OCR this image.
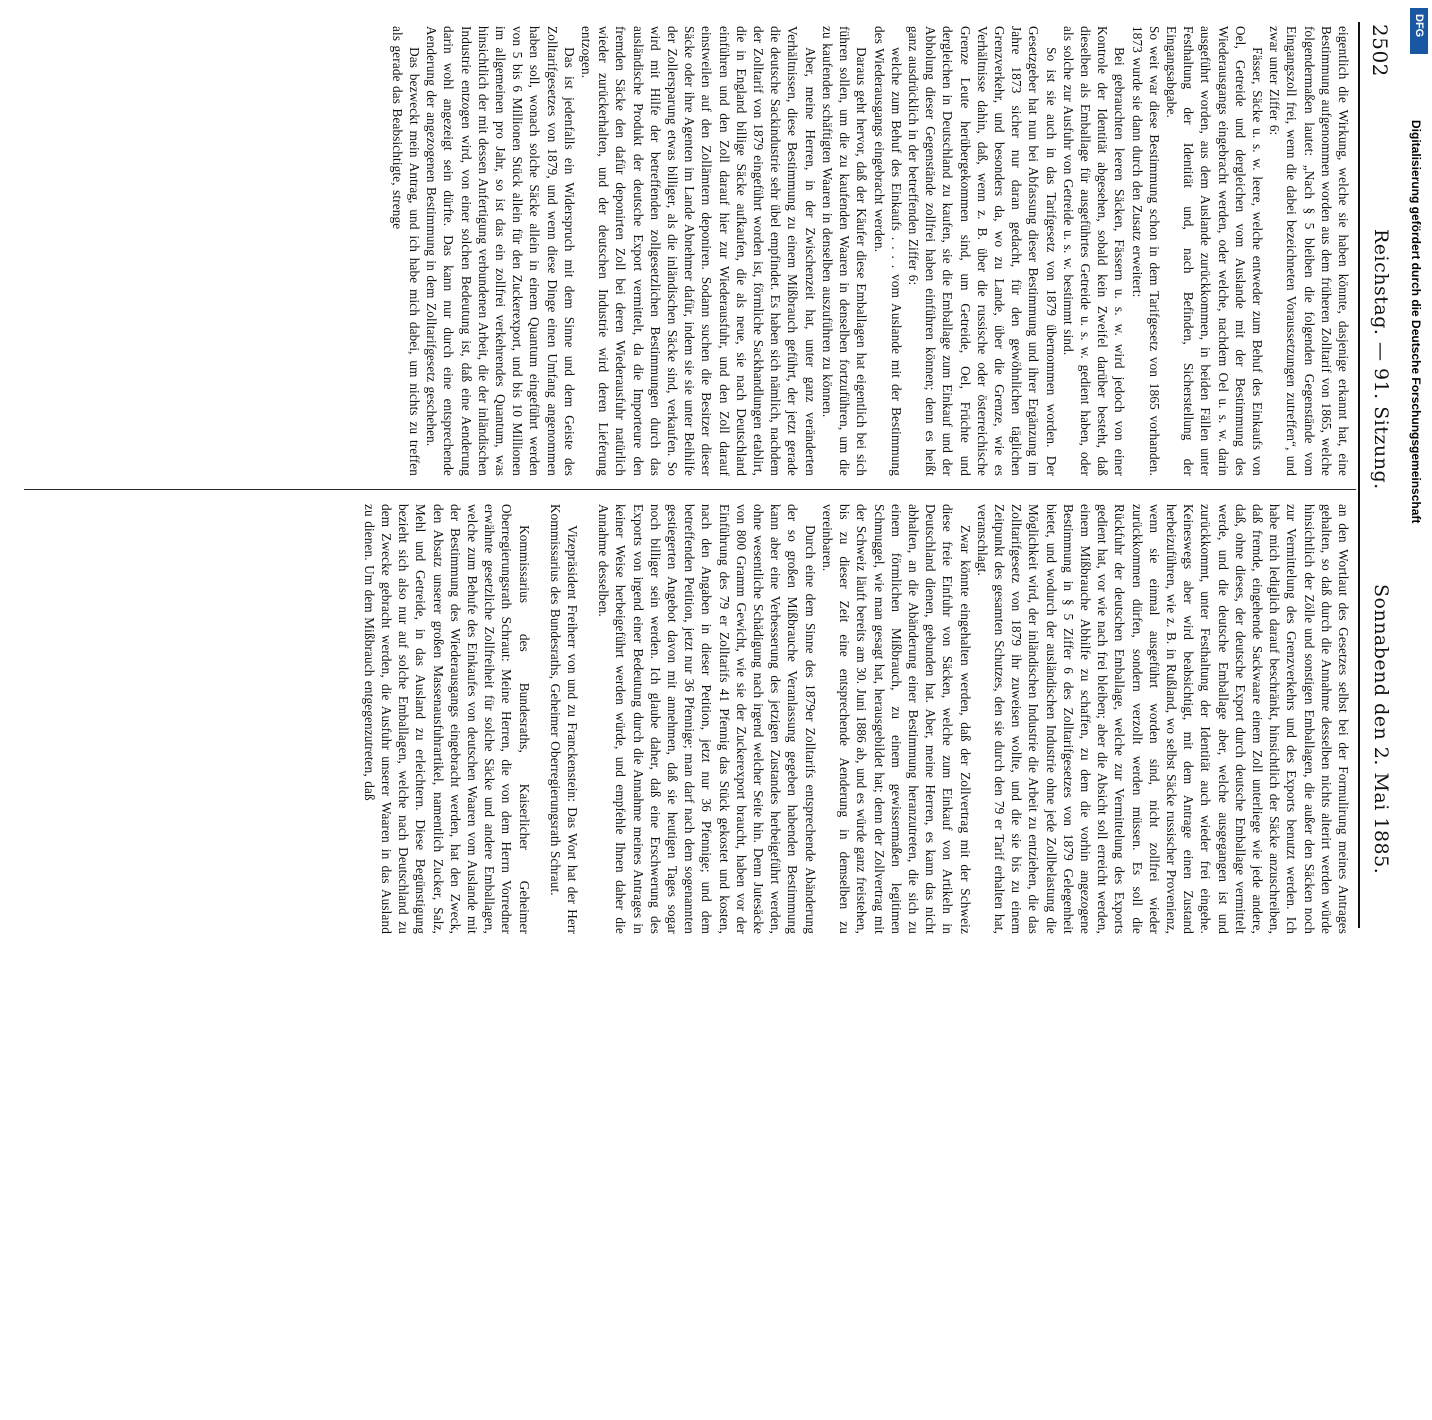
2502
Reichstag. — 91. Sitzung.
Sonnabend den 2. Mai 1885.

eigentlich die Wirkung, welche sie haben könnte, dasjenige erkannt hat, eine Bestimmung aufgenommen worden aus dem früheren Zolltarif von 1865, welche folgendermaßen lautet: „Nach § 5 bleiben die folgenden Gegenstände vom Eingangszoll frei, wenn die dabei bezeichneten Voraussetzungen zutreffen“, und zwar unter Ziffer 6:

Fässer, Säcke u. s. w. leere, welche entweder zum Behuf des Einkaufs von Oel, Getreide und dergleichen vom Auslande mit der Bestimmung des Wiederausgangs eingebracht werden, oder welche, nachdem Oel u. s. w. darin ausgeführt worden, aus dem Auslande zurückkommen, in beiden Fällen unter Festhaltung der Identität und, nach Befinden, Sicherstellung der Eingangsabgabe.

So weit war diese Bestimmung schon in dem Tarifgesetz von 1865 vorhanden. 1873 wurde sie dann durch den Zusatz erweitert:

Bei gebrauchten leeren Säcken, Fässern u. s. w. wird jedoch von einer Kontrole der Identität abgesehen, sobald kein Zweifel darüber besteht, daß dieselben als Emballage für ausgeführtes Getreide u. s. w. gedient haben, oder als solche zur Ausfuhr von Getreide u. s. w. bestimmt sind.

So ist sie auch in das Tarifgesetz von 1879 übernommen worden. Der Gesetzgeber hat nun bei Abfassung dieser Bestimmung und ihrer Ergänzung im Jahre 1873 sicher nur daran gedacht, für den gewöhnlichen täglichen Grenzverkehr, und besonders da, wo zu Lande, über die Grenze, wie es Verhältnisse dahin, daß, wenn z. B. über die russische oder österreichische Grenze Leute herübergekommen sind, um Getreide, Oel, Früchte und dergleichen in Deutschland zu kaufen, sie die Emballage zum Einkauf und der Abholung dieser Gegenstände zollfrei haben einführen können; denn es heißt ganz ausdrücklich in der betreffenden Ziffer 6:

welche zum Behuf des Einkaufs . . . . vom Auslande mit der Bestimmung des Wiederausgangs eingebracht werden.

Daraus geht hervor, daß der Käufer diese Emballagen hat eigentlich bei sich führen sollen, um die zu kaufenden Waaren in denselben fortzuführen, um die zu kaufenden schäftigten Waaren in denselben auszuführen zu können.

Aber, meine Herren, in der Zwischenzeit hat, unter ganz veränderten Verhältnissen, diese Bestimmung zu einem Mißbrauch geführt, der jetzt gerade die deutsche Sackindustrie sehr übel empfindet. Es haben sich nämlich, nachdem der Zolltarif von 1879 eingeführt worden ist, förmliche Sackhandlungen etablirt, die in England billige Säcke aufkaufen, die als neue, sie nach Deutschland einführen und den Zoll darauf hier zur Wiederausfuhr, und den Zoll darauf einstweilen auf den Zollämtern deponiren. Sodann suchen die Besitzer dieser Säcke oder ihre Agenten im Lande Abnehmer dafür, indem sie sie unter Beihilfe der Zollersparung etwas billiger, als die inländischen Säcke sind, verkaufen. So wird mit Hilfe der betreffenden zollgesetzlichen Bestimmungen durch das ausländische Produkt der deutsche Export vermittelt, da die Importeure den fremden Säcke den dafür deponirten Zoll bei deren Wiederausfuhr natürlich wieder zurückerhalten, und der deutschen Industrie wird deren Lieferung entzogen.

Das ist jedenfalls ein Widerspruch mit dem Sinne und dem Geiste des Zolltarifgesetzes von 1879, und wenn diese Dinge einen Umfang angenommen haben soll, wonach solche Säcke allein in einem Quantum eingeführt werden von 5 bis 6 Millionen Stück allein für den Zuckerexport, und bis 10 Millionen im allgemeinen pro Jahr, so ist das ein zollfrei verkehrendes Quantum, was hinsichtlich der mit dessen Anfertigung verbundenen Arbeit, die der inländischen Industrie entzogen wird, von einer solchen Bedeutung ist, daß eine Aenderung darin wohl angezeigt sein dürfte. Das kann nur durch eine entsprechende Aenderung der angezogenen Bestimmung in dem Zolltarifgesetz geschehen.

Das bezweckt mein Antrag, und ich habe mich dabei, um nichts zu treffen als gerade das Beabsichtigte, strenge

an den Wortlaut des Gesetzes selbst bei der Formulirung meines Antrages gehalten, so daß durch die Annahme desselben nichts alterirt werden würde hinsichtlich der Zölle und sonstigen Emballagen, die außer den Säcken noch zur Vermittelung des Grenzverkehrs und des Exports benutzt werden. Ich habe mich lediglich darauf beschränkt, hinsichtlich der Säcke anzuschreiben, daß fremde, eingehende Sackwaare einem Zoll unterliege wie jede andere, daß, ohne dieses, der deutsche Export durch deutsche Emballage vermittelt werde, und die deutsche Emballage aber, welche ausgegangen ist und zurückkommt, unter Festhaltung der Identität auch wieder frei eingehe. Keineswegs aber wird beabsichtigt, mit dem Antrage einen Zustand herbeizuführen, wie z. B. in Rußland, wo selbst Säcke russischer Provenienz, wenn sie einmal ausgeführt worden sind, nicht zollfrei wieder zurückkommen dürfen, sondern verzollt werden müssen. Es soll die Rückfuhr der deutschen Emballage, welche zur Vermittelung des Exports gedient hat, vor wie nach frei bleiben; aber die Absicht soll erreicht werden, einem Mißbrauche Abhilfe zu schaffen, zu dem die vorhin angezogene Bestimmung in § 5 Ziffer 6 des Zolltarifgesetzes von 1879 Gelegenheit bietet, und wodurch der ausländischen Industrie ohne jede Zollbelastung die Möglichkeit wird, der inländischen Industrie die Arbeit zu entziehen, die das Zolltarifgesetz von 1879 ihr zuweisen wollte, und die sie bis zu einem Zeitpunkt des gesamten Schutzes, den sie durch den 79 er Tarif erhalten hat, veranschlagt.

Zwar könnte eingehalten werden, daß der Zollvertrag mit der Schweiz diese freie Einfuhr von Säcken, welche zum Einkauf von Artikeln in Deutschland dienen, gebunden hat. Aber, meine Herren, es kann das nicht abhalten, an die Abänderung einer Bestimmung heranzutreten, die sich zu einem förmlichen Mißbrauch, zu einem gewissermaßen legitimen Schmuggel, wie man gesagt hat, herausgebildet hat; denn der Zollvertrag mit der Schweiz läuft bereits am 30. Juni 1886 ab, und es würde ganz freistehen, bis zu dieser Zeit eine entsprechende Aenderung in demselben zu vereinbaren.

Durch eine dem Sinne des 1879er Zolltarifs entsprechende Abänderung der so großen Mißbrauche Veranlassung gegeben habenden Bestimmung kann aber eine Verbesserung des jetzigen Zustandes herbeigeführt werden, ohne wesentliche Schädigung nach irgend welcher Seite hin. Denn Jutesäcke von 800 Gramm Gewicht, wie sie der Zuckerexport braucht, haben vor der Einführung des 79 er Zolltarifs 41 Pfennig das Stück gekostet und kosten, nach den Angaben in dieser Petition, jetzt nur 36 Pfennige; und dem betreffenden Petition, jetzt nur 36 Pfennige; man darf nach dem sogenannten gestiegerten Angebot davon mit annehmen, daß sie heutigen Tages sogar noch billiger sein werden. Ich glaube daher, daß eine Erschwerung des Exports von irgend einer Bedeutung durch die Annahme meines Antrages in keiner Weise herbeigeführt werden würde, und empfehle Ihnen daher die Annahme desselben.

Vizepräsident Freiherr von und zu Franckenstein: Das Wort hat der Herr Kommissarius des Bundesraths, Geheimer Oberregierungsrath Schraut.

Kommissarius des Bundesraths, Kaiserlicher Geheimer Oberregierungsrath Schraut: Meine Herren, die von dem Herrn Vorredner erwähnte gesetzliche Zollfreiheit für solche Säcke und andere Emballagen, welche zum Behufe des Einkaufes von deutschen Waaren vom Auslande mit der Bestimmung des Wiederausgangs eingebracht werden, hat den Zweck, den Absatz unserer großen Massenausfuhrartikel, namentlich Zucker, Salz, Mehl und Getreide, in das Ausland zu erleichtern. Diese Begünstigung bezieht sich also nur auf solche Emballagen, welche nach Deutschland zu dem Zwecke gebracht werden, die Ausfuhr unserer Waaren in das Ausland zu dienen. Um dem Mißbrauch entgegenzutreten, daß

DFG
Digitalisierung gefördert durch die Deutsche Forschungsgemeinschaft
